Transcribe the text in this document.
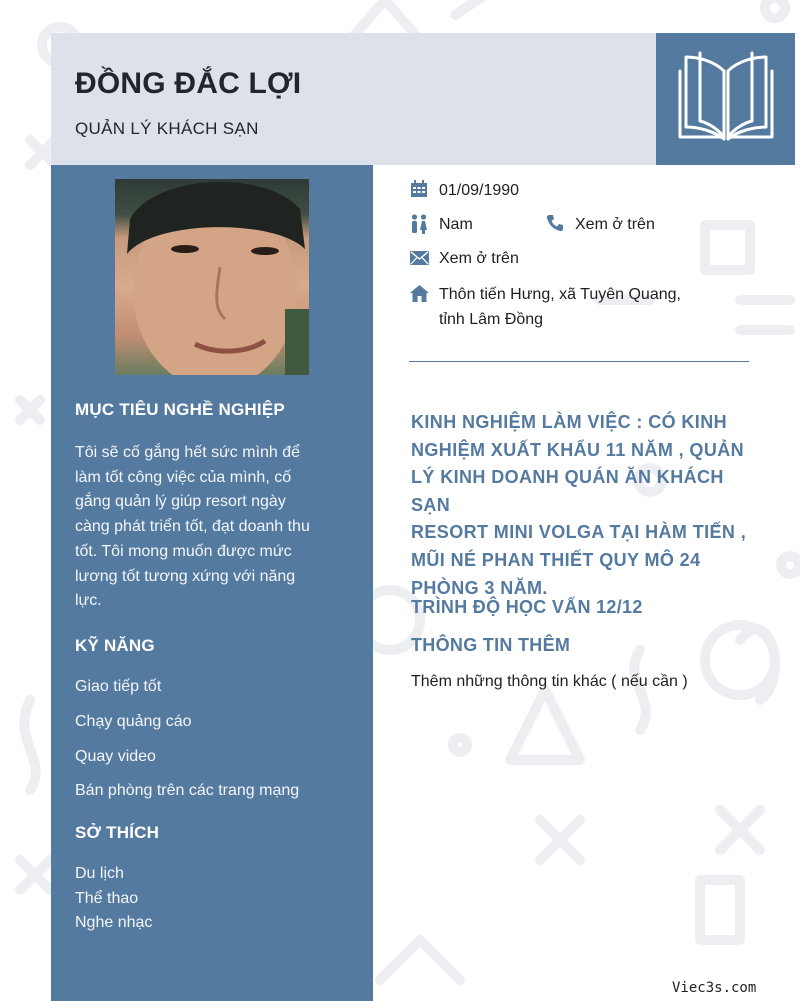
ĐỒNG ĐẮC LỢI
QUẢN LÝ KHÁCH SẠN
MỤC TIÊU NGHỀ NGHIỆP
Tôi sẽ cố gắng hết sức mình để
làm tốt công việc của mình, cố
gắng quản lý giúp resort ngày
càng phát triển tốt, đạt doanh thu
tốt. Tôi mong muốn được mức
lương tốt tương xứng với năng
lực.
KỸ NĂNG
Giao tiếp tốt
Chạy quảng cáo
Quay video
Bán phòng trên các trang mạng
SỞ THÍCH
Du lịch
Thể thao
Nghe nhạc
01/09/1990
Nam	Xem ở trên
Xem ở trên
Thôn tiến Hưng, xã Tuyên Quang,
tỉnh Lâm Đồng
KINH NGHIỆM LÀM VIỆC : CÓ KINH
NGHIỆM XUẤT KHẨU 11 NĂM , QUẢN
LÝ KINH DOANH QUÁN ĂN KHÁCH SẠN
RESORT MINI VOLGA TẠI HÀM TIẾN ,
MŨI NÉ PHAN THIẾT QUY MÔ 24
PHÒNG 3 NĂM.
TRÌNH ĐỘ HỌC VẤN 12/12
THÔNG TIN THÊM
Thêm những thông tin khác ( nếu cần )
Viec3s.com
